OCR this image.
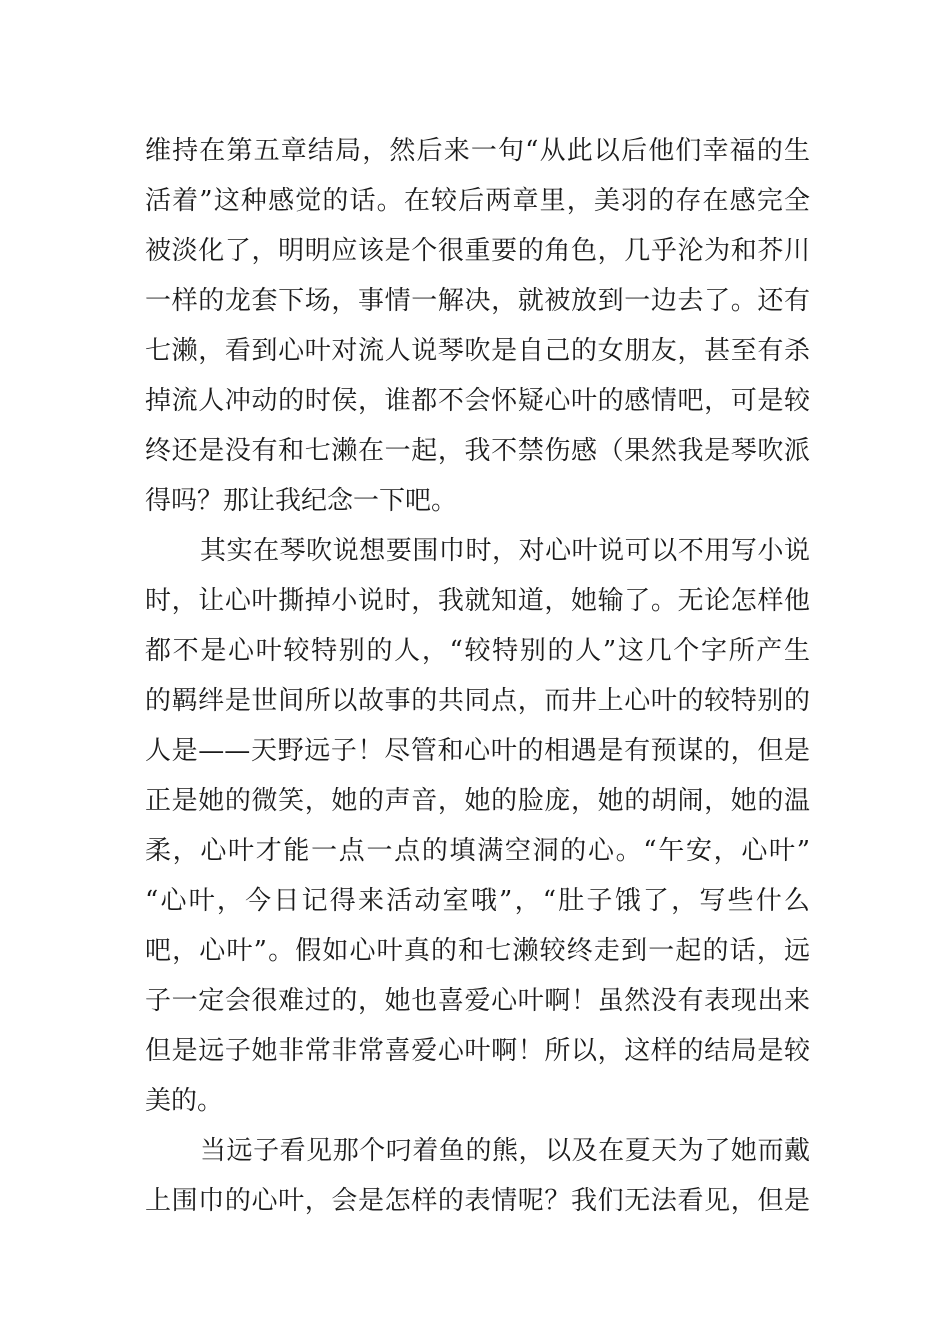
维持在第五章结局，然后来一句“从此以后他们幸福的生
活着”这种感觉的话。在较后两章里，美羽的存在感完全
被淡化了，明明应该是个很重要的角色，几乎沦为和芥川
一样的龙套下场，事情一解决，就被放到一边去了。还有
七濑，看到心叶对流人说琴吹是自己的女朋友，甚至有杀
掉流人冲动的时侯，谁都不会怀疑心叶的感情吧，可是较
终还是没有和七濑在一起，我不禁伤感（果然我是琴吹派
得吗？那让我纪念一下吧。
其实在琴吹说想要围巾时，对心叶说可以不用写小说
时，让心叶撕掉小说时，我就知道，她输了。无论怎样他
都不是心叶较特别的人，“较特别的人”这几个字所产生
的羁绊是世间所以故事的共同点，而井上心叶的较特别的
人是——天野远子！尽管和心叶的相遇是有预谋的，但是
正是她的微笑，她的声音，她的脸庞，她的胡闹，她的温
柔，心叶才能一点一点的填满空洞的心。“午安，心叶”
“心叶，今日记得来活动室哦”，“肚子饿了，写些什么
吧，心叶”。假如心叶真的和七濑较终走到一起的话，远
子一定会很难过的，她也喜爱心叶啊！虽然没有表现出来
但是远子她非常非常喜爱心叶啊！所以，这样的结局是较
美的。
当远子看见那个叼着鱼的熊，以及在夏天为了她而戴
上围巾的心叶，会是怎样的表情呢？我们无法看见，但是
